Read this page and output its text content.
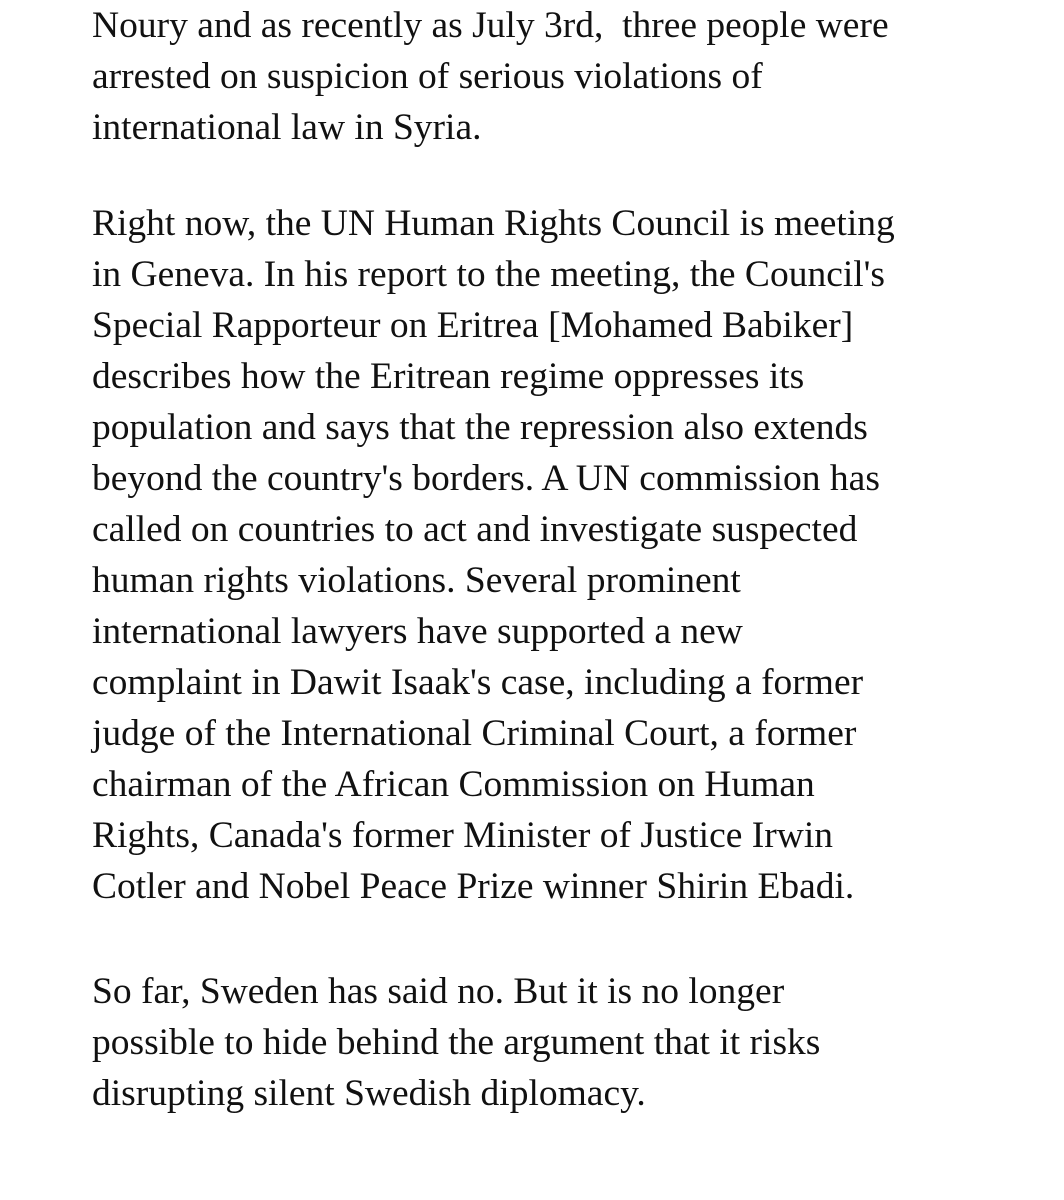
Noury and as recently as July 3rd,  three people were
arrested on suspicion of serious violations of
international law in Syria.

Right now, the UN Human Rights Council is meeting
in Geneva. In his report to the meeting, the Council's
Special Rapporteur on Eritrea [Mohamed Babiker]
describes how the Eritrean regime oppresses its
population and says that the repression also extends
beyond the country's borders. A UN commission has
called on countries to act and investigate suspected
human rights violations. Several prominent
international lawyers have supported a new
complaint in Dawit Isaak's case, including a former
judge of the International Criminal Court, a former
chairman of the African Commission on Human
Rights, Canada's former Minister of Justice Irwin
Cotler and Nobel Peace Prize winner Shirin Ebadi.

So far, Sweden has said no. But it is no longer
possible to hide behind the argument that it risks
disrupting silent Swedish diplomacy.
